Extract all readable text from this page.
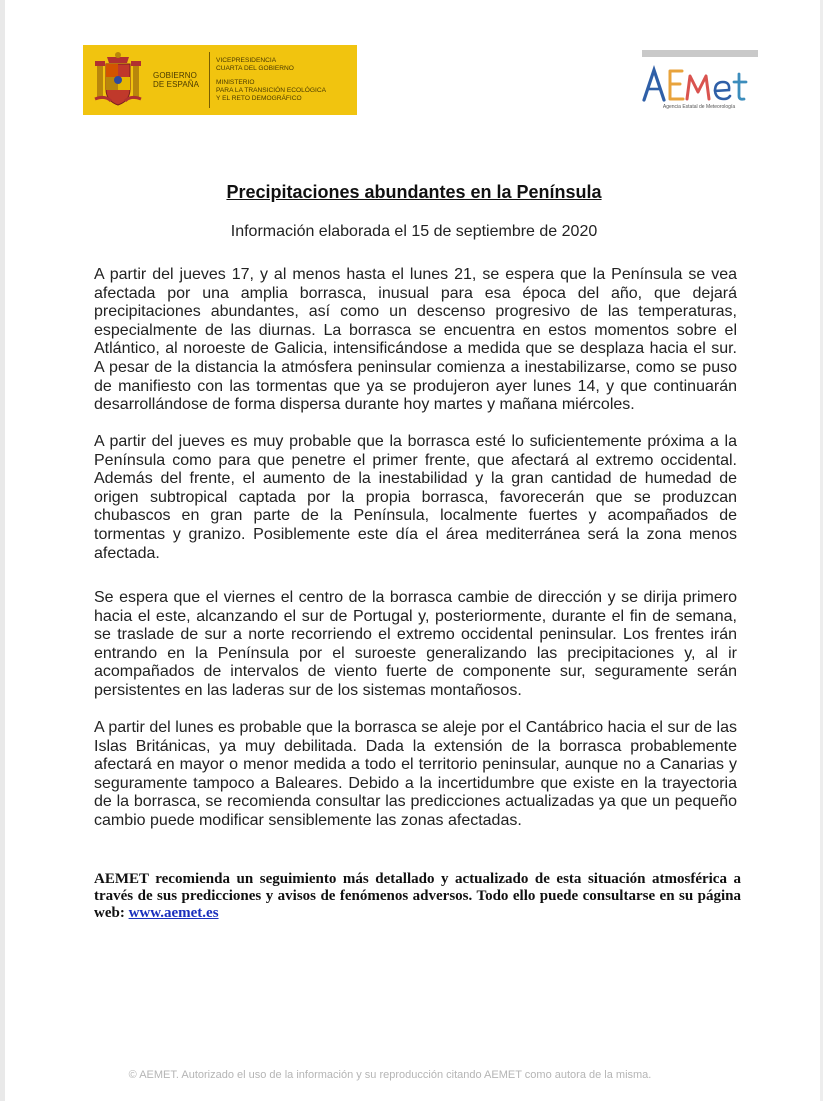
GOBIERNO
DE ESPAÑA
VICEPRESIDENCIA
CUARTA DEL GOBIERNO
MINISTERIO
PARA LA TRANSICIÓN ECOLÓGICA
Y EL RETO DEMOGRÁFICO
Agencia Estatal de Meteorología
Precipitaciones abundantes en la Península
Información elaborada el 15 de septiembre de 2020

A partir del jueves 17, y al menos hasta el lunes 21, se espera que la Península se vea afectada por una amplia borrasca, inusual para esa época del año, que dejará precipitaciones abundantes, así como un descenso progresivo de las temperaturas, especialmente de las diurnas. La borrasca se encuentra en estos momentos sobre el Atlántico, al noroeste de Galicia, intensificándose a medida que se desplaza hacia el sur. A pesar de la distancia la atmósfera peninsular comienza a inestabilizarse, como se puso de manifiesto con las tormentas que ya se produjeron ayer lunes 14, y que continuarán desarrollándose de forma dispersa durante hoy martes y mañana miércoles.

A partir del jueves es muy probable que la borrasca esté lo suficientemente próxima a la Península como para que penetre el primer frente, que afectará al extremo occidental. Además del frente, el aumento de la inestabilidad y la gran cantidad de humedad de origen subtropical captada por la propia borrasca, favorecerán que se produzcan chubascos en gran parte de la Península, localmente fuertes y acompañados de tormentas y granizo. Posiblemente este día el área mediterránea será la zona menos afectada.

Se espera que el viernes el centro de la borrasca cambie de dirección y se dirija primero hacia el este, alcanzando el sur de Portugal y, posteriormente, durante el fin de semana, se traslade de sur a norte recorriendo el extremo occidental peninsular. Los frentes irán entrando en la Península por el suroeste generalizando las precipitaciones y, al ir acompañados de intervalos de viento fuerte de componente sur, seguramente serán persistentes en las laderas sur de los sistemas montañosos.

A partir del lunes es probable que la borrasca se aleje por el Cantábrico hacia el sur de las Islas Británicas, ya muy debilitada. Dada la extensión de la borrasca probablemente afectará en mayor o menor medida a todo el territorio peninsular, aunque no a Canarias y seguramente tampoco a Baleares. Debido a la incertidumbre que existe en la trayectoria de la borrasca, se recomienda consultar las predicciones actualizadas ya que un pequeño cambio puede modificar sensiblemente las zonas afectadas.

AEMET recomienda un seguimiento más detallado y actualizado de esta situación atmosférica a través de sus predicciones y avisos de fenómenos adversos. Todo ello puede consultarse en su página web: www.aemet.es

© AEMET. Autorizado el uso de la información y su reproducción citando AEMET como autora de la misma.
